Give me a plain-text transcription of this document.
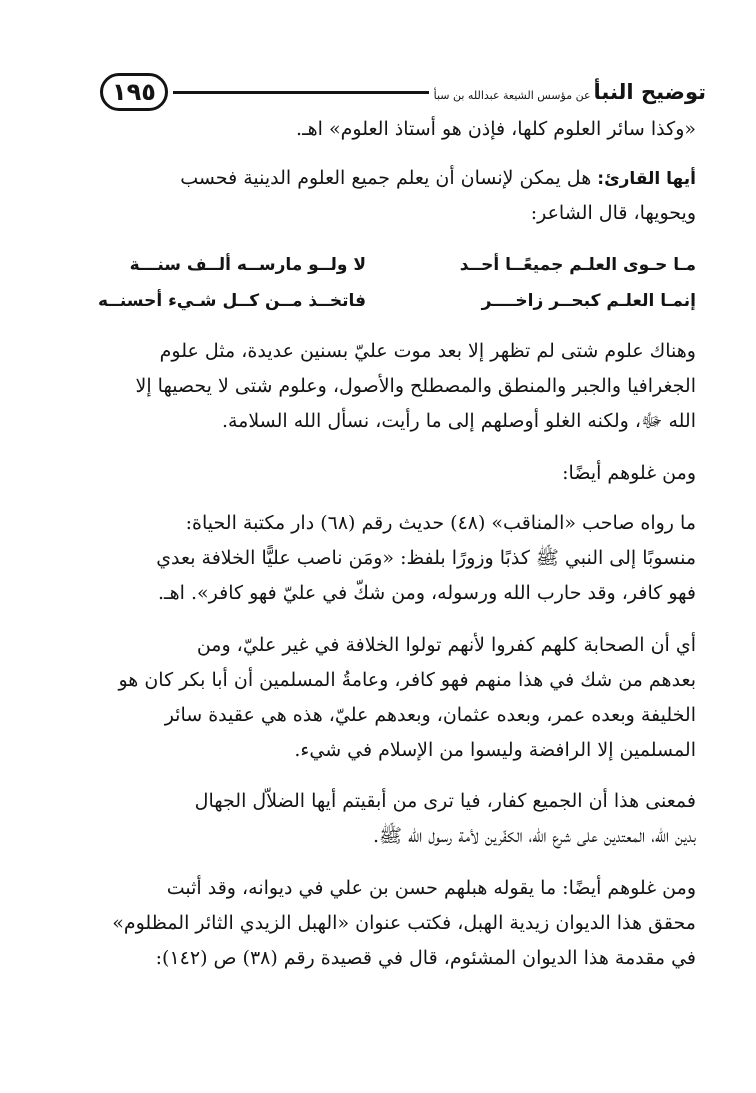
١٩٥	توضيح النبأ
عن مؤسس الشيعة عبدالله بن سبأ
«وكذا سائر العلوم كلها، فإذن هو أستاذ العلوم» اهـ.
أيها القارئ: هل يمكن لإنسان أن يعلم جميع العلوم الدينية فحسب
ويحويها، قال الشاعر:
مـا حـوى العلـم جميعًــا أحــد
لا ولــو مارســه ألــف سنـــة
إنمـا العلـم كبحــر زاخــــر
فاتخــذ مــن كــل شـيء أحسنــه
وهناك علوم شتى لم تظهر إلا بعد موت عليّ بسنين عديدة، مثل علوم
الجغرافيا والجبر والمنطق والمصطلح والأصول، وعلوم شتى لا يحصيها إلا
الله ﷻ، ولكنه الغلو أوصلهم إلى ما رأيت، نسأل الله السلامة.
ومن غلوهم أيضًا:
ما رواه صاحب «المناقب» (٤٨) حديث رقم (٦٨) دار مكتبة الحياة:
منسوبًا إلى النبي ﷺ كذبًا وزورًا بلفظ: «ومَن ناصب عليًّا الخلافة بعدي
فهو كافر، وقد حارب الله ورسوله، ومن شكّ في عليّ فهو كافر». اهـ.
أي أن الصحابة كلهم كفروا لأنهم تولوا الخلافة في غير عليّ، ومن
بعدهم من شك في هذا منهم فهو كافر، وعامةُ المسلمين أن أبا بكر كان هو
الخليفة وبعده عمر، وبعده عثمان، وبعدهم عليّ، هذه هي عقيدة سائر
المسلمين إلا الرافضة وليسوا من الإسلام في شيء.
فمعنى هذا أن الجميع كفار، فيا ترى من أبقيتم أيها الضلاّل الجهال
بدين الله، المعتدين على شرع الله، الكفّرين لأمة رسول الله ﷺ.
ومن غلوهم أيضًا: ما يقوله هبلهم حسن بن علي في ديوانه، وقد أثبت
محقق هذا الديوان زيدية الهبل، فكتب عنوان «الهبل الزيدي الثائر المظلوم»
في مقدمة هذا الديوان المشئوم، قال في قصيدة رقم (٣٨) ص (١٤٢):
